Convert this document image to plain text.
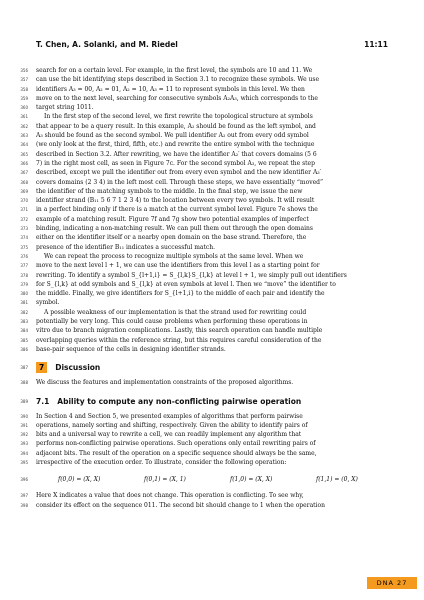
T. Chen, A. Solanki, and M. Riedel	11:11
356 search for on a certain level. For example, in the first level, the symbols are 10 and 11. We
357 can use the bit identifying steps described in Section 3.1 to recognize these symbols. We use
358 identifiers A₃ = 00, A₂ = 01, A₂ = 10, A₃ = 11 to represent symbols in this level. We then
359 move on to the next level, searching for consecutive symbols A₂A₃, which corresponds to the
360 target string 1011.
361	In the first step of the second level, we first rewrite the topological structure at symbols
362 that appear to be a query result. In this example, A₂ should be found as the left symbol, and
363 A₃ should be found as the second symbol. We pull identifier A₂ out from every odd symbol
364 (we only look at the first, third, fifth, etc.) and rewrite the entire symbol with the technique
365 described in Section 3.2. After rewriting, we have the identifier A₂′ that covers domains (5 6
366 7) in the right most cell, as seen in Figure 7c. For the second symbol A₃, we repeat the step
367 described, except we pull the identifier out from every even symbol and the new identifier A₃′
368 covers domains (2 3 4) in the left most cell. Through these steps, we have essentially “moved”
369 the identifier of the matching symbols to the middle. In the final step, we issue the new
370 identifier strand (B₁₁ 5 6 7 1 2 3 4) to the location between every two symbols. It will result
371 in a perfect binding only if there is a match at the current symbol level. Figure 7e shows the
372 example of a matching result. Figure 7f and 7g show two potential examples of imperfect
373 binding, indicating a non-matching result. We can pull them out through the open domains
374 either on the identifier itself or a nearby open domain on the base strand. Therefore, the
375 presence of the identifier B₁₁ indicates a successful match.
376	We can repeat the process to recognize multiple symbols at the same level. When we
377 move to the next level l + 1, we can use the identifiers from this level l as a starting point for
378 rewriting. To identify a symbol S_{l+1,i} = S_{l,k}S_{l,k} at level l + 1, we simply pull out identifiers
379 for S_{l,k} at odd symbols and S_{l,k} at even symbols at level l. Then we “move” the identifier to
380 the middle. Finally, we give identifiers for S_{l+1,i} to the middle of each pair and identify the
381 symbol.
382	A possible weakness of our implementation is that the strand used for rewriting could
383 potentially be very long. This could cause problems when performing these operations in
384 vitro due to branch migration complications. Lastly, this search operation can handle multiple
385 overlapping queries within the reference string, but this requires careful consideration of the
386 base-pair sequence of the cells in designing identifier strands.
387 7 Discussion
388 We discuss the features and implementation constraints of the proposed algorithms.
389 7.1 Ability to compute any non-conflicting pairwise operation
390 In Section 4 and Section 5, we presented examples of algorithms that perform pairwise
391 operations, namely sorting and shifting, respectively. Given the ability to identify pairs of
392 bits and a universal way to rewrite a cell, we can readily implement any algorithm that
393 performs non-conflicting pairwise operations. Such operations only entail rewriting pairs of
394 adjacent bits. The result of the operation on a specific sequence should always be the same,
395 irrespective of the execution order. To illustrate, consider the following operation:
396	f(0,0) = (X, X)	f(0,1) = (X, 1)	f(1,0) = (X, X)	f(1,1) = (0, X)
397 Here X indicates a value that does not change. This operation is conflicting. To see why,
398 consider its effect on the sequence 011. The second bit should change to 1 when the operation
DNA 27
